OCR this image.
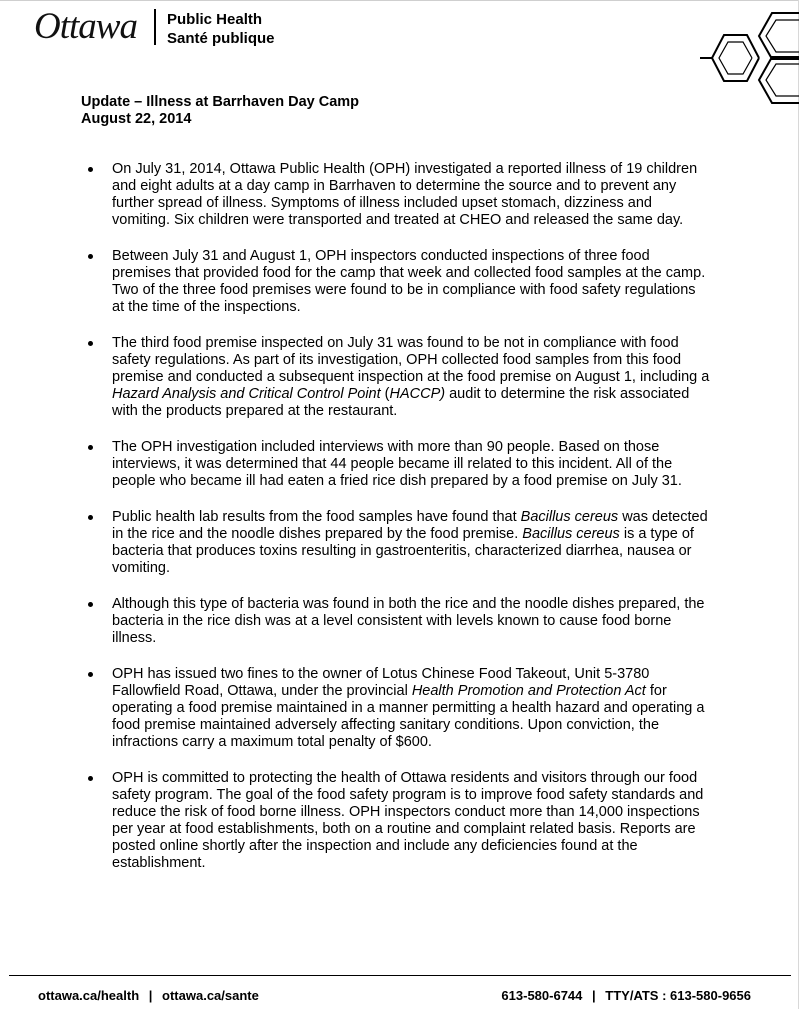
Ottawa Public Health
Santé publique
Update – Illness at Barrhaven Day Camp
August 22, 2014

On July 31, 2014, Ottawa Public Health (OPH) investigated a reported illness of 19 children and eight adults at a day camp in Barrhaven to determine the source and to prevent any further spread of illness. Symptoms of illness included upset stomach, dizziness and vomiting. Six children were transported and treated at CHEO and released the same day.

Between July 31 and August 1, OPH inspectors conducted inspections of three food premises that provided food for the camp that week and collected food samples at the camp. Two of the three food premises were found to be in compliance with food safety regulations at the time of the inspections.

The third food premise inspected on July 31 was found to be not in compliance with food safety regulations. As part of its investigation, OPH collected food samples from this food premise and conducted a subsequent inspection at the food premise on August 1, including a Hazard Analysis and Critical Control Point (HACCP) audit to determine the risk associated with the products prepared at the restaurant.

The OPH investigation included interviews with more than 90 people. Based on those interviews, it was determined that 44 people became ill related to this incident. All of the people who became ill had eaten a fried rice dish prepared by a food premise on July 31.

Public health lab results from the food samples have found that Bacillus cereus was detected in the rice and the noodle dishes prepared by the food premise. Bacillus cereus is a type of bacteria that produces toxins resulting in gastroenteritis, characterized diarrhea, nausea or vomiting.

Although this type of bacteria was found in both the rice and the noodle dishes prepared, the bacteria in the rice dish was at a level consistent with levels known to cause food borne illness.

OPH has issued two fines to the owner of Lotus Chinese Food Takeout, Unit 5-3780 Fallowfield Road, Ottawa, under the provincial Health Promotion and Protection Act for operating a food premise maintained in a manner permitting a health hazard and operating a food premise maintained adversely affecting sanitary conditions. Upon conviction, the infractions carry a maximum total penalty of $600.

OPH is committed to protecting the health of Ottawa residents and visitors through our food safety program. The goal of the food safety program is to improve food safety standards and reduce the risk of food borne illness. OPH inspectors conduct more than 14,000 inspections per year at food establishments, both on a routine and complaint related basis. Reports are posted online shortly after the inspection and include any deficiencies found at the establishment.

ottawa.ca/health | ottawa.ca/sante	613-580-6744 | TTY/ATS : 613-580-9656
